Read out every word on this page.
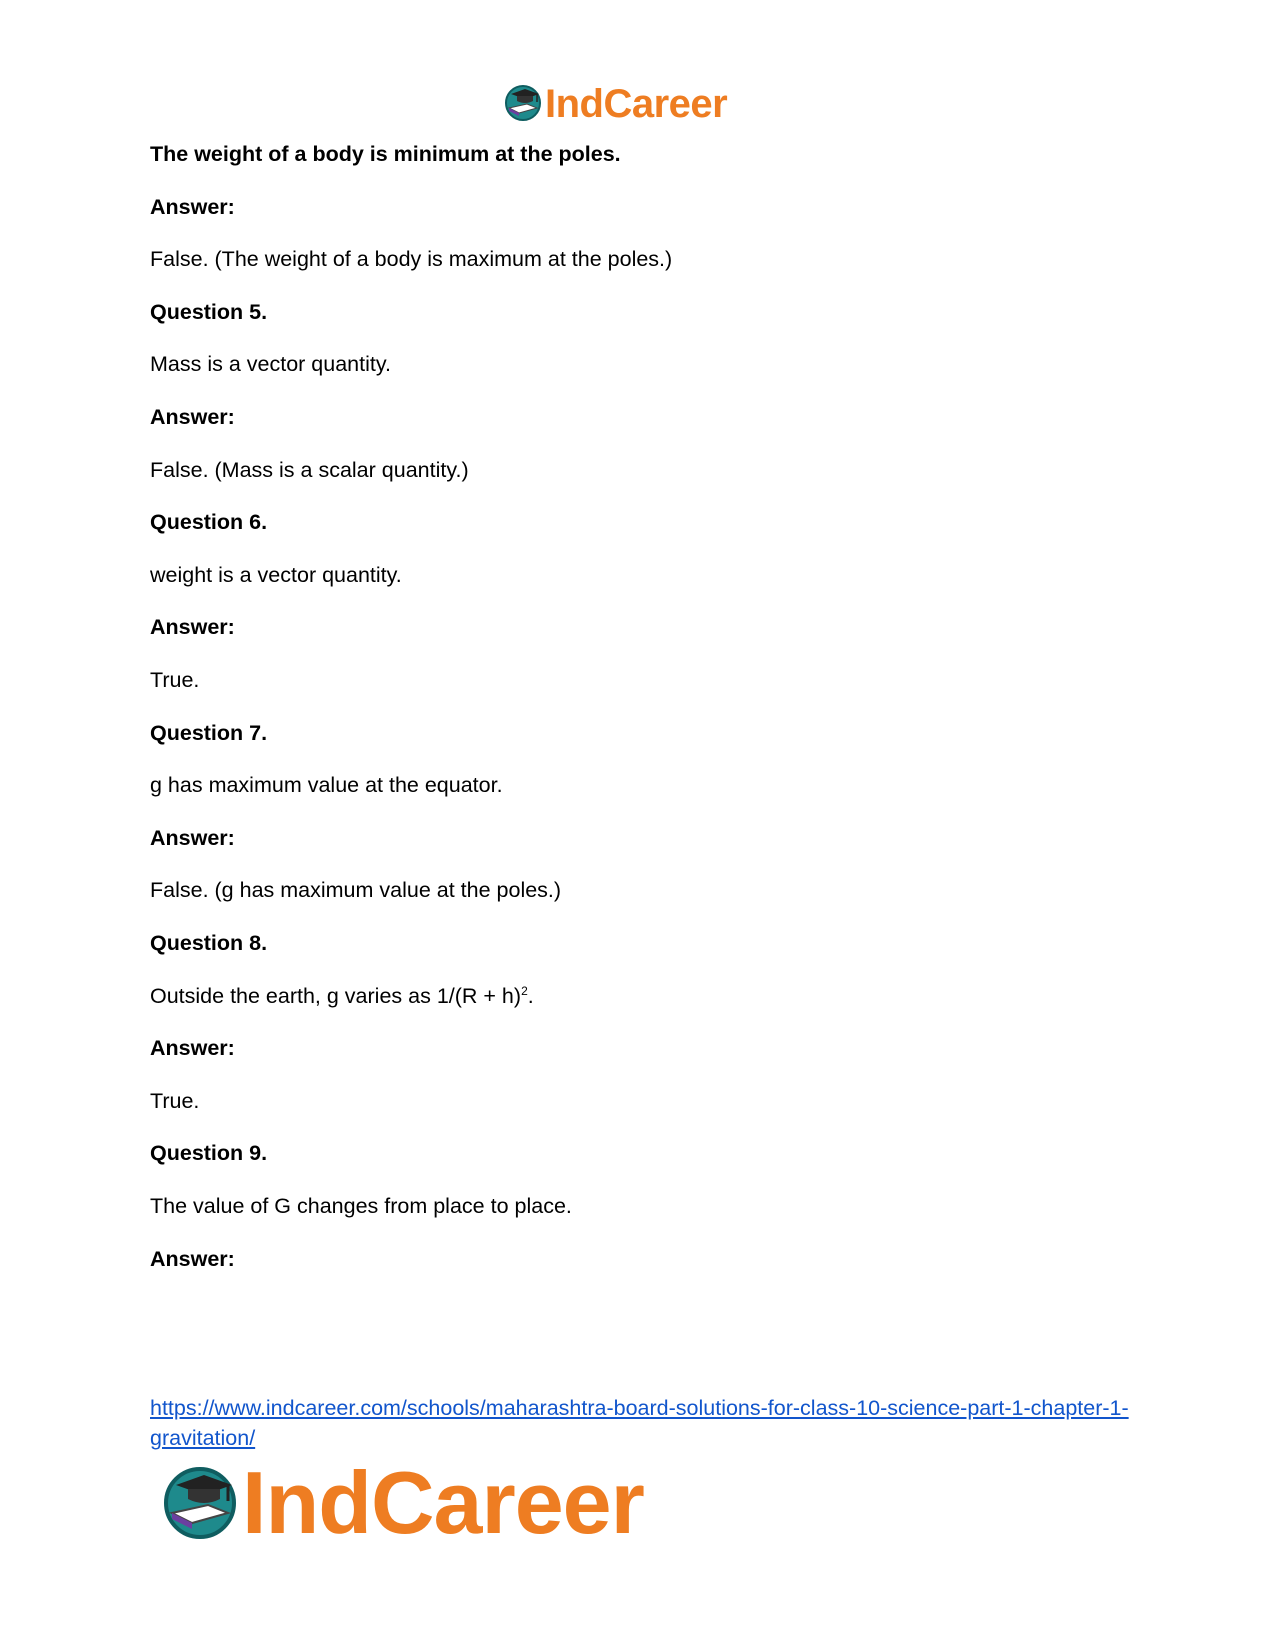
IndCareer
The weight of a body is minimum at the poles.
Answer:
False. (The weight of a body is maximum at the poles.)
Question 5.
Mass is a vector quantity.
Answer:
False. (Mass is a scalar quantity.)
Question 6.
weight is a vector quantity.
Answer:
True.
Question 7.
g has maximum value at the equator.
Answer:
False. (g has maximum value at the poles.)
Question 8.
Outside the earth, g varies as $1/(R + h)^2$.
Answer:
True.
Question 9.
The value of G changes from place to place.
Answer:
https://www.indcareer.com/schools/maharashtra-board-solutions-for-class-10-science-part-1-chapter-1-gravitation/
IndCareer
